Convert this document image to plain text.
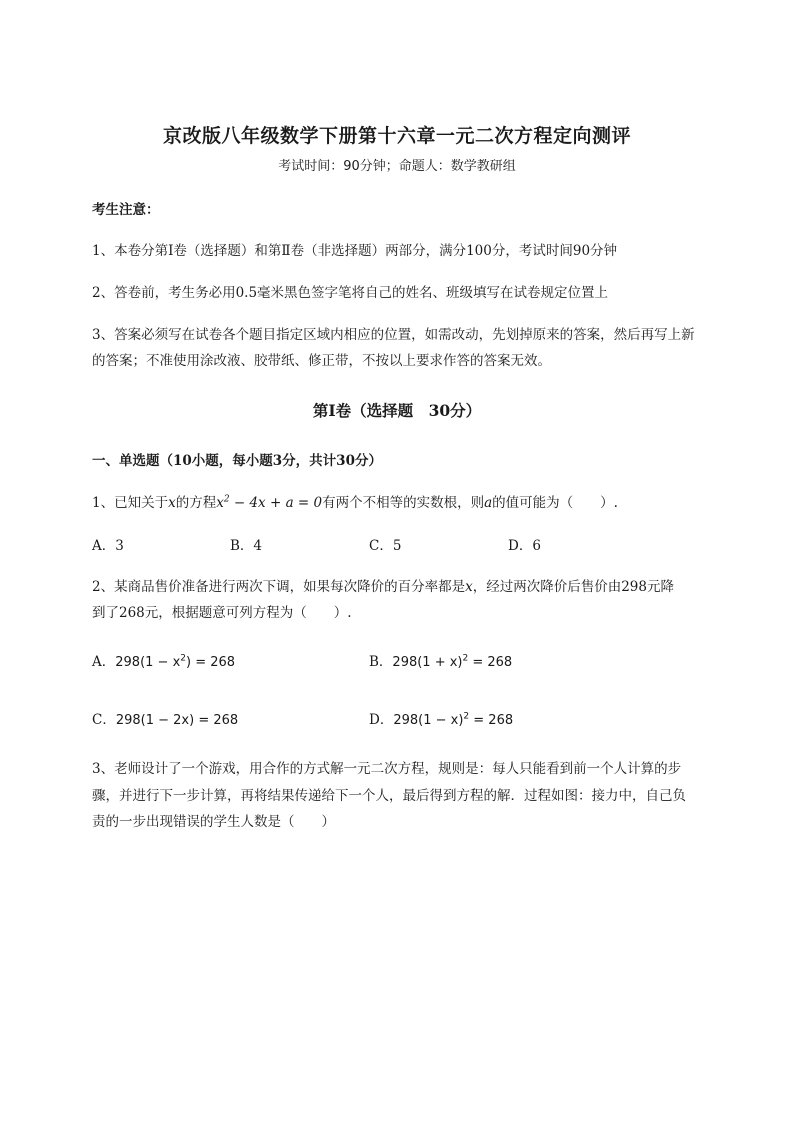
京改版八年级数学下册第十六章一元二次方程定向测评
考试时间：90分钟；命题人：数学教研组
考生注意：
1、本卷分第Ⅰ卷（选择题）和第Ⅱ卷（非选择题）两部分，满分100分，考试时间90分钟
2、答卷前，考生务必用0.5毫米黑色签字笔将自己的姓名、班级填写在试卷规定位置上
3、答案必须写在试卷各个题目指定区域内相应的位置，如需改动，先划掉原来的答案，然后再写上新
的答案；不准使用涂改液、胶带纸、修正带，不按以上要求作答的答案无效。
第Ⅰ卷（选择题　30分）
一、单选题（10小题，每小题3分，共计30分）
1、已知关于x的方程$x^2 - 4x + a = 0$有两个不相等的实数根，则a的值可能为（　　）.
A．3	B．4	C．5	D．6
2、某商品售价准备进行两次下调，如果每次降价的百分率都是x，经过两次降价后售价由298元降
到了268元，根据题意可列方程为（　　）.
A．$298(1 - x^2) = 268$	B．$298(1 + x)^2 = 268$
C．298(1 − 2x) = 268	D．$298(1 - x)^2 = 268$
3、老师设计了一个游戏，用合作的方式解一元二次方程，规则是：每人只能看到前一个人计算的步
骤，并进行下一步计算，再将结果传递给下一个人，最后得到方程的解．过程如图：接力中，自己负
责的一步出现错误的学生人数是（　　）
